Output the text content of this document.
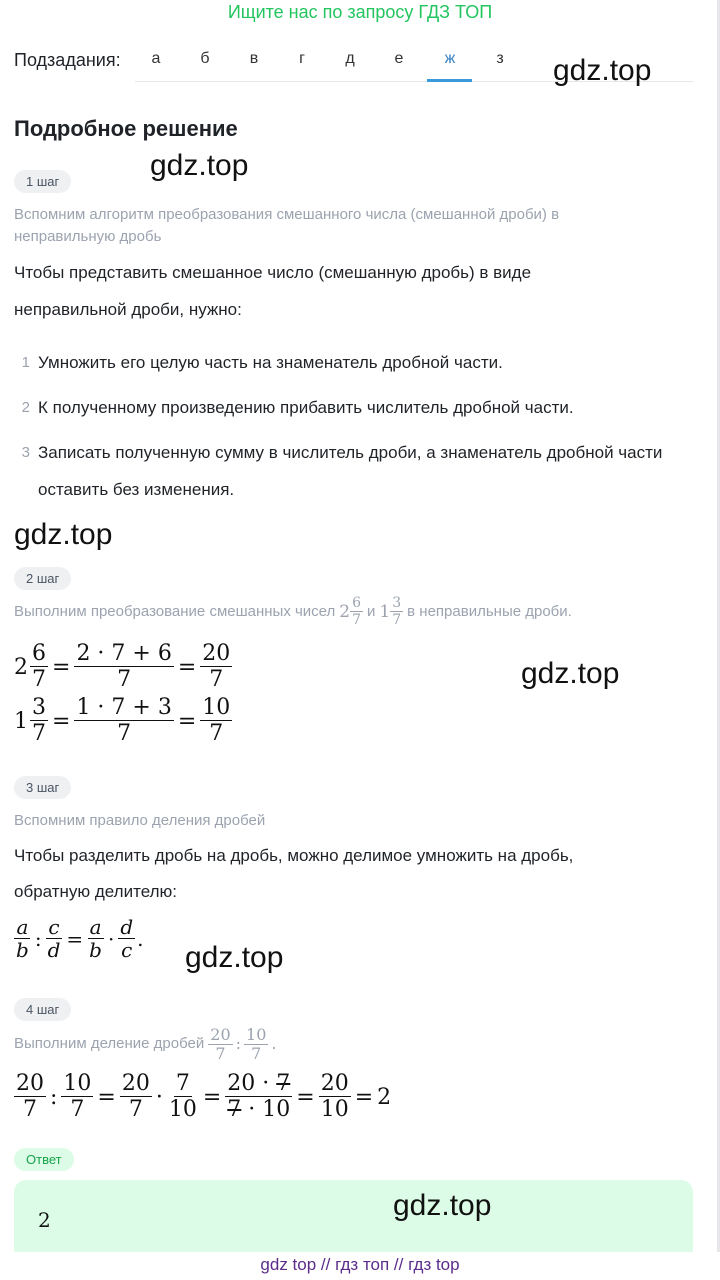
Ищите нас по запросу ГДЗ ТОП
Подзадания:	а	б	в	г	д	е	ж	з	gdz.top
Подробное решение
gdz.top
1 шаг
Вспомним алгоритм преобразования смешанного числа (смешанной дроби) в неправильную дробь
Чтобы представить смешанное число (смешанную дробь) в виде неправильной дроби, нужно:
1 Умножить его целую часть на знаменатель дробной части.
2 К полученному произведению прибавить числитель дробной части.
3 Записать полученную сумму в числитель дроби, а знаменатель дробной части оставить без изменения.
gdz.top
2 шаг
Выполним преобразование смешанных чисел $2 \frac{6}{7}$ и $1 \frac{3}{7}$ в неправильные дроби.
$2 \frac{6}{7} = \frac{2 \cdot 7 + 6}{7} = \frac{20}{7}$
$1 \frac{3}{7} = \frac{1 \cdot 7 + 3}{7} = \frac{10}{7}$
gdz.top
3 шаг
Вспомним правило деления дробей
Чтобы разделить дробь на дробь, можно делимое умножить на дробь, обратную делителю:
$\frac{a}{b}$ : $\frac{c}{d} = \frac{a}{b} \cdot \frac{d}{c}$ .
gdz.top
4 шаг
Выполним деление дробей $\frac{20}{7}$ : $\frac{10}{7}$ .
$\frac{20}{7}$ : $\frac{10}{7} = \frac{20}{7} \cdot \frac{7}{10} = \frac{20 \cdot 7}{7 \cdot 10} = \frac{20}{10} = 2$
Ответ
2	gdz.top
gdz top // гдз топ // гдз top
